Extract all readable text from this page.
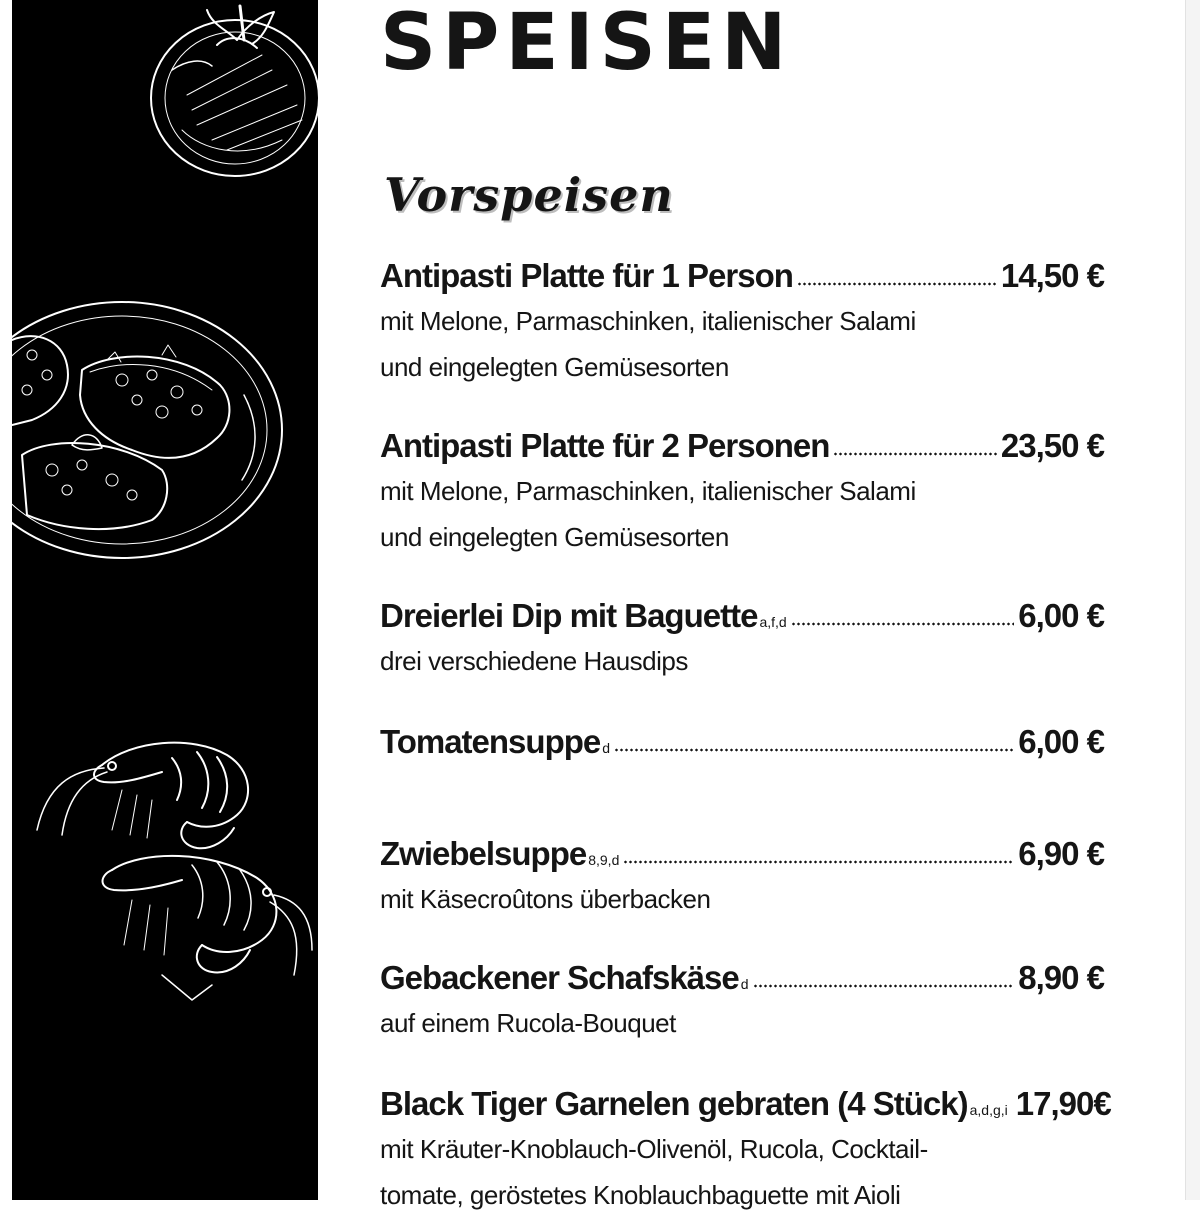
SPEISEN
Vorspeisen
Antipasti Platte für 1 Person	14,50 €
mit Melone, Parmaschinken, italienischer Salami
und eingelegten Gemüsesorten
Antipasti Platte für 2 Personen	23,50 €
mit Melone, Parmaschinken, italienischer Salami
und eingelegten Gemüsesorten
Dreierlei Dip mit Baguette a,f,d	6,00 €
drei verschiedene Hausdips
Tomatensuppe d	6,00 €
Zwiebelsuppe 8,9,d	6,90 €
mit Käsecroûtons überbacken
Gebackener Schafskäse d	8,90 €
auf einem Rucola-Bouquet
Black Tiger Garnelen gebraten (4 Stück) a,d,g,i 17,90€
mit Kräuter-Knoblauch-Olivenöl, Rucola, Cocktail-
tomate, geröstetes Knoblauchbaguette mit Aioli
